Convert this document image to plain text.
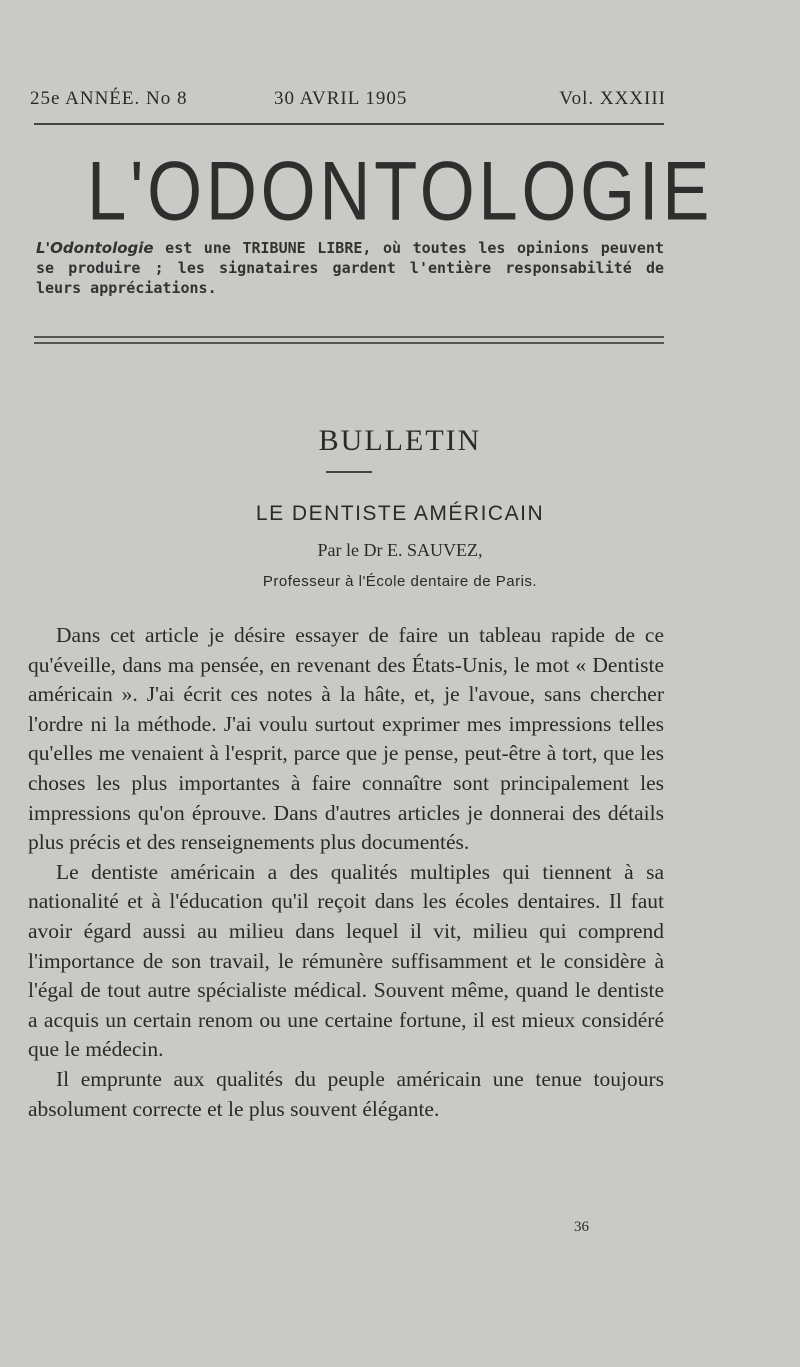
25e ANNÉE. No 8	30 AVRIL 1905	Vol. XXXIII
L'ODONTOLOGIE
L'Odontologie est une TRIBUNE LIBRE, où toutes les opinions peuvent se produire ; les signataires gardent l'entière responsabilité de leurs appréciations.
BULLETIN
LE DENTISTE AMÉRICAIN
Par le Dr E. SAUVEZ,
Professeur à l'École dentaire de Paris.

Dans cet article je désire essayer de faire un tableau rapide de ce qu'éveille, dans ma pensée, en revenant des États-Unis, le mot « Dentiste américain ». J'ai écrit ces notes à la hâte, et, je l'avoue, sans chercher l'ordre ni la méthode. J'ai voulu surtout exprimer mes impressions telles qu'elles me venaient à l'esprit, parce que je pense, peut-être à tort, que les choses les plus importantes à faire connaître sont principalement les impressions qu'on éprouve. Dans d'autres articles je donnerai des détails plus précis et des renseignements plus documentés.

Le dentiste américain a des qualités multiples qui tiennent à sa nationalité et à l'éducation qu'il reçoit dans les écoles dentaires. Il faut avoir égard aussi au milieu dans lequel il vit, milieu qui comprend l'importance de son travail, le rémunère suffisamment et le considère à l'égal de tout autre spécialiste médical. Souvent même, quand le dentiste a acquis un certain renom ou une certaine fortune, il est mieux considéré que le médecin.

Il emprunte aux qualités du peuple américain une tenue toujours absolument correcte et le plus souvent élégante.

36
